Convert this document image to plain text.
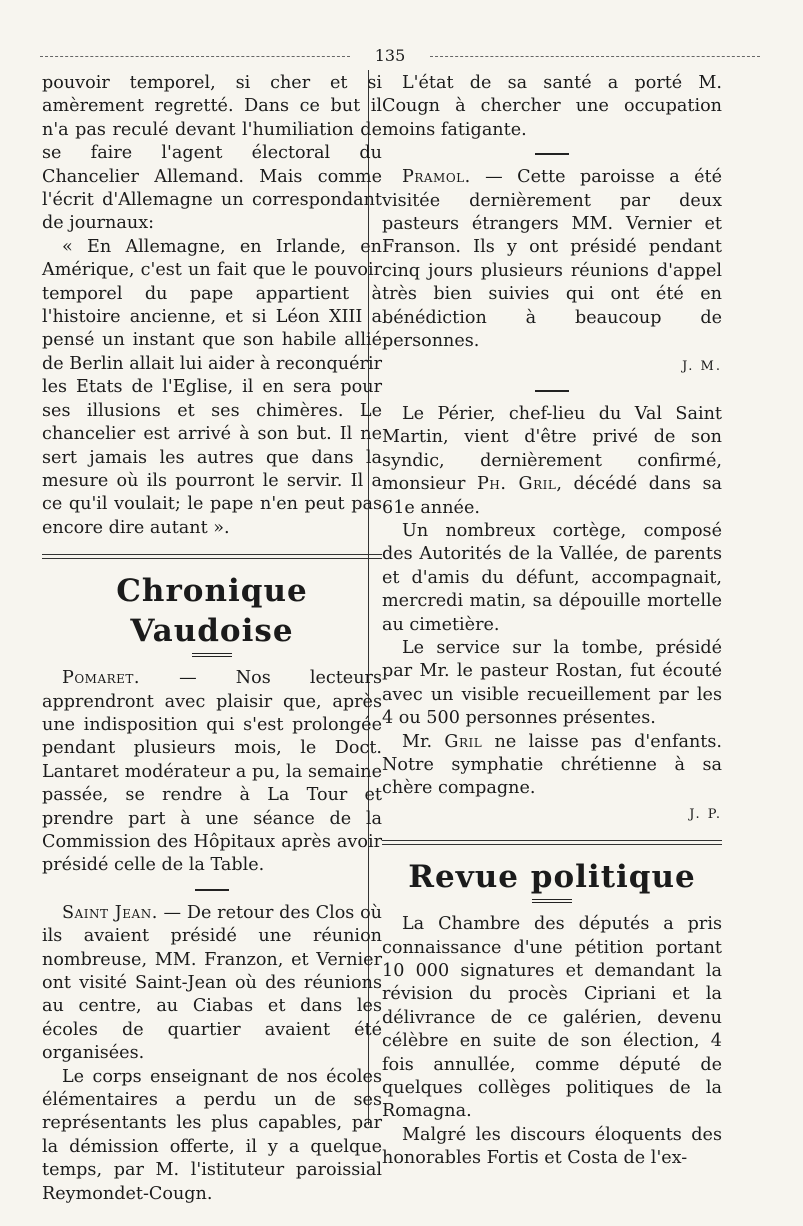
135

pouvoir temporel, si cher et si amèrement regretté. Dans ce but il n'a pas reculé devant l'humiliation de se faire l'agent électoral du Chancelier Allemand. Mais comme l'écrit d'Allemagne un correspondant de journaux:

« En Allemagne, en Irlande, en Amérique, c'est un fait que le pouvoir temporel du pape appartient à l'histoire ancienne, et si Léon XIII a pensé un instant que son habile allié de Berlin allait lui aider à reconquérir les Etats de l'Eglise, il en sera pour ses illusions et ses chimères. Le chancelier est arrivé à son but. Il ne sert jamais les autres que dans la mesure où ils pourront le servir. Il a ce qu'il voulait; le pape n'en peut pas encore dire autant ».

Chronique Vaudoise

Pomaret. — Nos lecteurs apprendront avec plaisir que, après une indisposition qui s'est prolongée pendant plusieurs mois, le Doct. Lantaret modérateur a pu, la semaine passée, se rendre à La Tour et prendre part à une séance de la Commission des Hôpitaux après avoir présidé celle de la Table.

Saint Jean. — De retour des Clos où ils avaient présidé une réunion nombreuse, MM. Franzon, et Vernier ont visité Saint-Jean où des réunions au centre, au Ciabas et dans les écoles de quartier avaient été organisées.

Le corps enseignant de nos écoles élémentaires a perdu un de ses représentants les plus capables, par la démission offerte, il y a quelque temps, par M. l'istituteur paroissial Reymondet-Cougn.

L'état de sa santé a porté M. Cougn à chercher une occupation moins fatigante.

Pramol. — Cette paroisse a été visitée dernièrement par deux pasteurs étrangers MM. Vernier et Franson. Ils y ont présidé pendant cinq jours plusieurs réunions d'appel très bien suivies qui ont été en bénédiction à beaucoup de personnes.

J. M.

Le Périer, chef-lieu du Val Saint Martin, vient d'être privé de son syndic, dernièrement confirmé, monsieur Ph. Gril, décédé dans sa 61e année.

Un nombreux cortège, composé des Autorités de la Vallée, de parents et d'amis du défunt, accompagnait, mercredi matin, sa dépouille mortelle au cimetière.

Le service sur la tombe, présidé par Mr. le pasteur Rostan, fut écouté avec un visible recueillement par les 4 ou 500 personnes présentes.

Mr. Gril ne laisse pas d'enfants. Notre symphatie chrétienne à sa chère compagne.

J. P.
Revue politique

La Chambre des députés a pris connaissance d'une pétition portant 10 000 signatures et demandant la révision du procès Cipriani et la délivrance de ce galérien, devenu célèbre en suite de son élection, 4 fois annullée, comme député de quelques collèges politiques de la Romagna.

Malgré les discours éloquents des honorables Fortis et Costa de l'ex-
